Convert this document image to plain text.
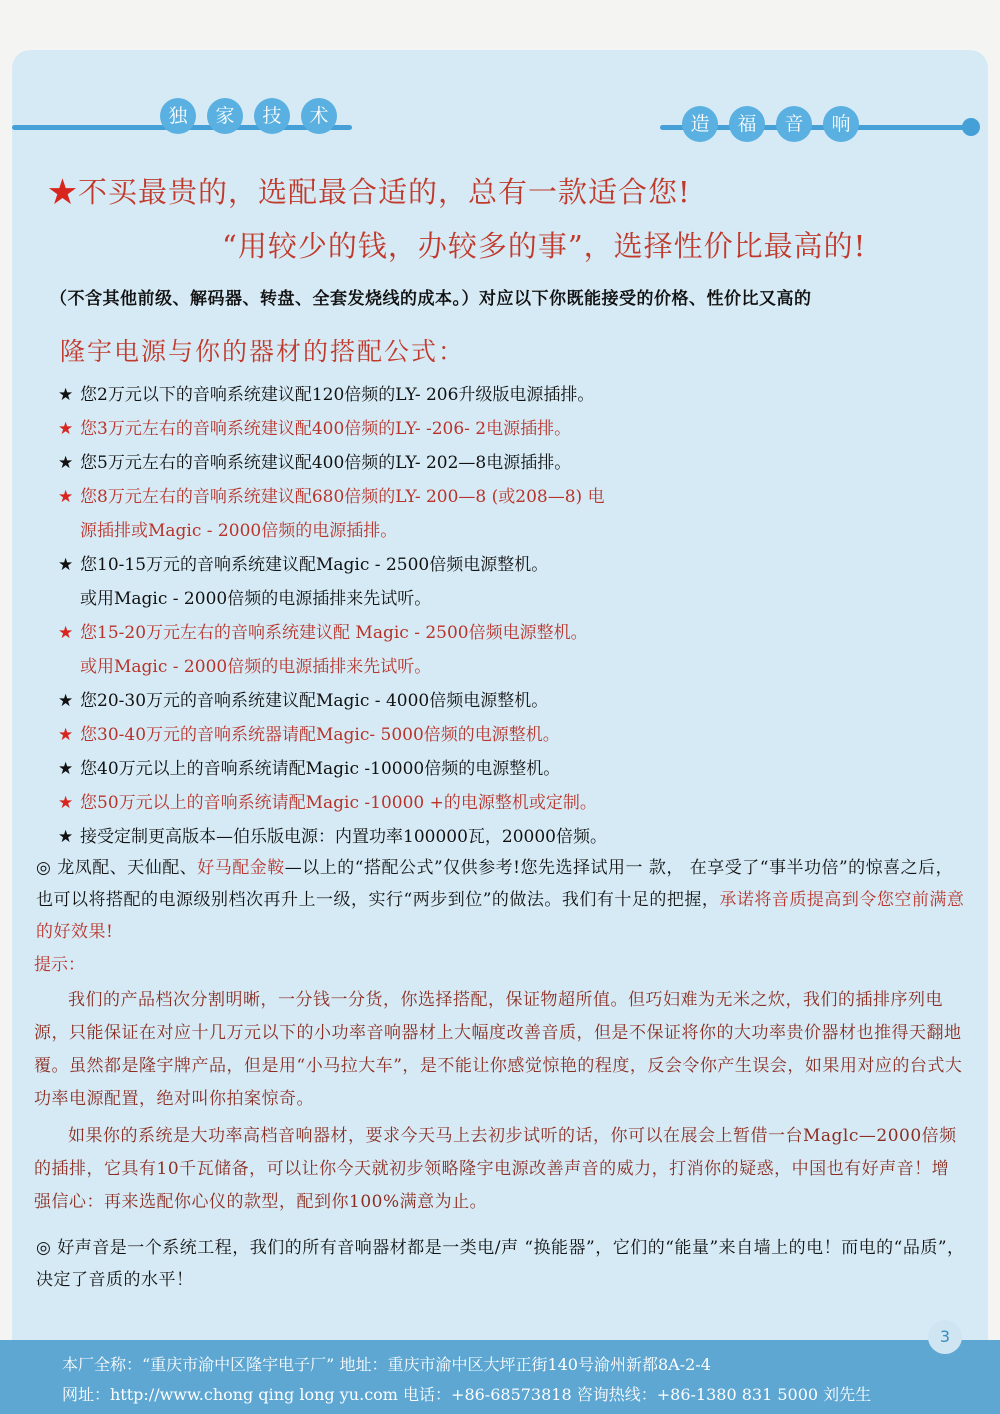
独	家	技	术	造	福	音	响
★不买最贵的，选配最合适的，总有一款适合您!
“用较少的钱，办较多的事”，选择性价比最高的!
（不含其他前级、解码器、转盘、全套发烧线的成本。）对应以下你既能接受的价格、性价比又高的
隆宇电源与你的器材的搭配公式：
★ 您2万元以下的音响系统建议配120倍频的LY- 206升级版电源插排。
★ 您3万元左右的音响系统建议配400倍频的LY- -206- 2电源插排。
★ 您5万元左右的音响系统建议配400倍频的LY- 202—8电源插排。
★ 您8万元左右的音响系统建议配680倍频的LY- 200—8 (或208—8) 电
源插排或Magic - 2000倍频的电源插排。
★ 您10-15万元的音响系统建议配Magic - 2500倍频电源整机。
或用Magic - 2000倍频的电源插排来先试听。
★ 您15-20万元左右的音响系统建议配 Magic - 2500倍频电源整机。
或用Magic - 2000倍频的电源插排来先试听。
★ 您20-30万元的音响系统建议配Magic - 4000倍频电源整机。
★ 您30-40万元的音响系统器请配Magic- 5000倍频的电源整机。
★ 您40万元以上的音响系统请配Magic -10000倍频的电源整机。
★ 您50万元以上的音响系统请配Magic -10000 +的电源整机或定制。
★ 接受定制更高版本—伯乐版电源：内置功率100000瓦，20000倍频。
◎ 龙凤配、天仙配、好马配金鞍—以上的“搭配公式”仅供参考!您先选择试用一 款， 在享受了“事半功倍”的惊喜之后，也可以将搭配的电源级别档次再升上一级，实行“两步到位”的做法。我们有十足的把握，承诺将音质提高到令您空前满意的好效果!
提示：
我们的产品档次分割明晰，一分钱一分货，你选择搭配，保证物超所值。但巧妇难为无米之炊，我们的插排序列电源，只能保证在对应十几万元以下的小功率音响器材上大幅度改善音质，但是不保证将你的大功率贵价器材也推得天翻地覆。虽然都是隆宇牌产品，但是用“小马拉大车”，是不能让你感觉惊艳的程度，反会令你产生误会，如果用对应的台式大功率电源配置，绝对叫你拍案惊奇。
如果你的系统是大功率高档音响器材，要求今天马上去初步试听的话，你可以在展会上暂借一台Maglc—2000倍频的插排，它具有10千瓦储备，可以让你今天就初步领略隆宇电源改善声音的威力，打消你的疑惑，中国也有好声音！增强信心：再来选配你心仪的款型，配到你100%满意为止。
◎ 好声音是一个系统工程，我们的所有音响器材都是一类电/声 “换能器”，它们的“能量”来自墙上的电！而电的“品质”，决定了音质的水平！
本厂全称：“重庆市渝中区隆宇电子厂” 地址：重庆市渝中区大坪正街140号渝州新都8A-2-4
网址：http://www.chong qing long yu.com 电话：+86-68573818 咨询热线：+86-1380 831 5000 刘先生
3
